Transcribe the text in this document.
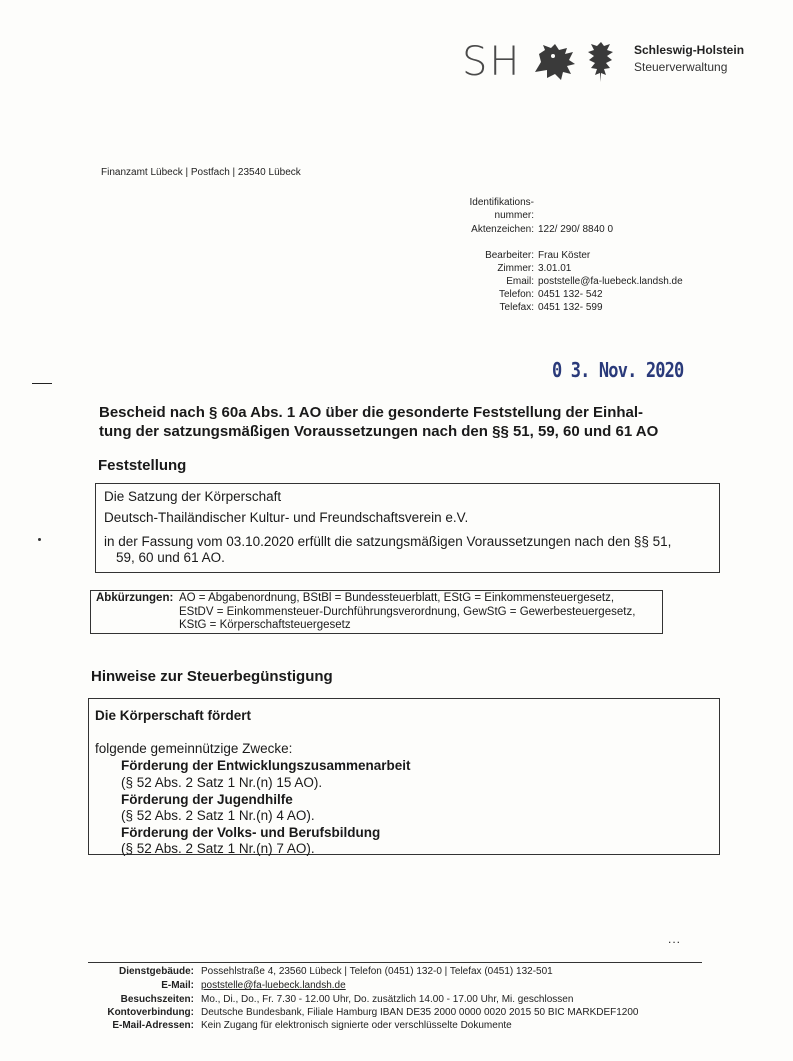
SH	Schleswig-Holstein
Steuerverwaltung
Finanzamt Lübeck | Postfach | 23540 Lübeck
Identifikations-
nummer:
Aktenzeichen: 122/ 290/ 8840 0
Bearbeiter: Frau Köster
Zimmer: 3.01.01
Email: poststelle@fa-luebeck.landsh.de
Telefon: 0451 132- 542
Telefax: 0451 132- 599
0 3. Nov. 2020
Bescheid nach § 60a Abs. 1 AO über die gesonderte Feststellung der Einhal-
tung der satzungsmäßigen Voraussetzungen nach den §§ 51, 59, 60 und 61 AO
Feststellung
Die Satzung der Körperschaft
Deutsch-Thailändischer Kultur- und Freundschaftsverein e.V.
in der Fassung vom 03.10.2020 erfüllt die satzungsmäßigen Voraussetzungen nach den §§ 51,
59, 60 und 61 AO.
Abkürzungen: AO = Abgabenordnung, BStBl = Bundessteuerblatt, EStG = Einkommensteuergesetz,
EStDV = Einkommensteuer-Durchführungsverordnung, GewStG = Gewerbesteuergesetz,
KStG = Körperschaftsteuergesetz
Hinweise zur Steuerbegünstigung
Die Körperschaft fördert
folgende gemeinnützige Zwecke:
Förderung der Entwicklungszusammenarbeit
(§ 52 Abs. 2 Satz 1 Nr.(n) 15 AO).
Förderung der Jugendhilfe
(§ 52 Abs. 2 Satz 1 Nr.(n) 4 AO).
Förderung der Volks- und Berufsbildung
(§ 52 Abs. 2 Satz 1 Nr.(n) 7 AO).
...
Dienstgebäude: Possehlstraße 4, 23560 Lübeck | Telefon (0451) 132-0 | Telefax (0451) 132-501
E-Mail: poststelle@fa-luebeck.landsh.de
Besuchszeiten: Mo., Di., Do., Fr. 7.30 - 12.00 Uhr, Do. zusätzlich 14.00 - 17.00 Uhr, Mi. geschlossen
Kontoverbindung: Deutsche Bundesbank, Filiale Hamburg IBAN DE35 2000 0000 0020 2015 50 BIC MARKDEF1200
E-Mail-Adressen: Kein Zugang für elektronisch signierte oder verschlüsselte Dokumente
